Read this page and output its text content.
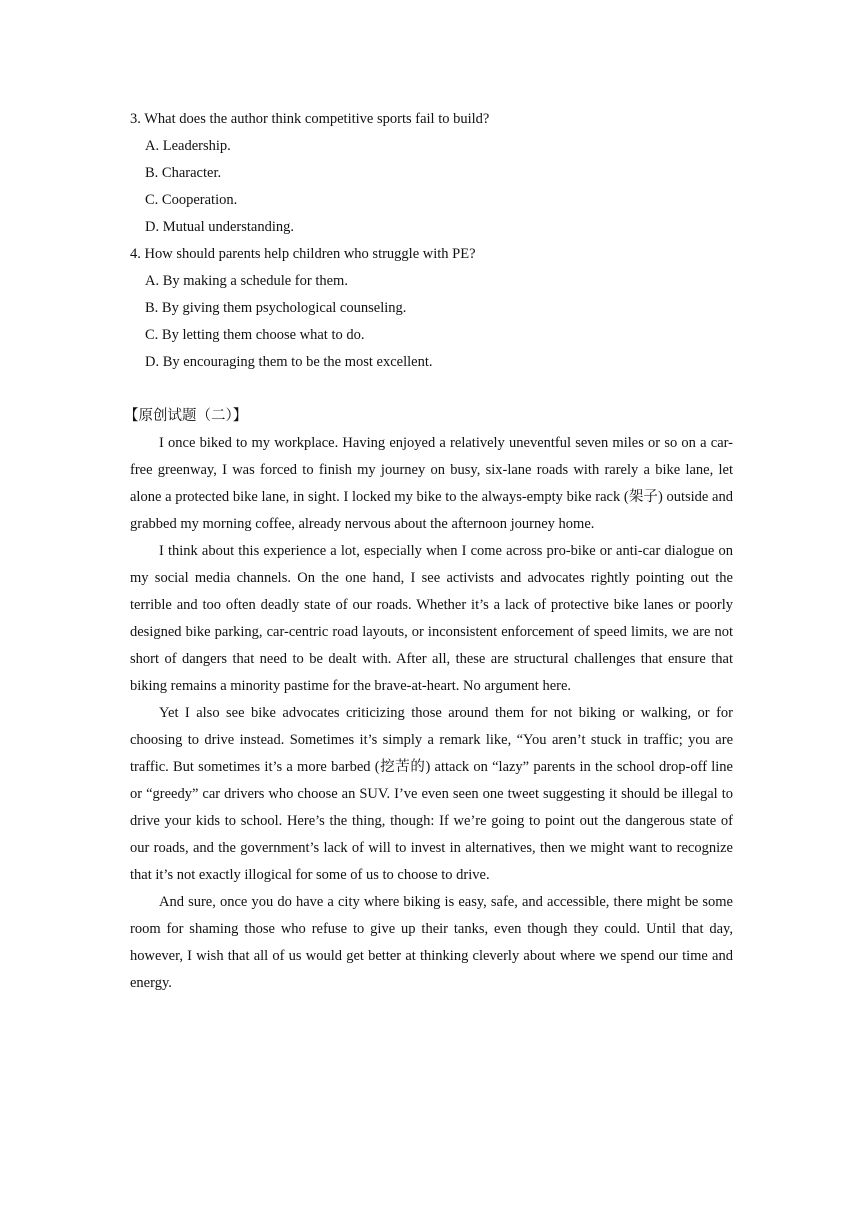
3. What does the author think competitive sports fail to build?

A. Leadership.

B. Character.

C. Cooperation.

D. Mutual understanding.

4. How should parents help children who struggle with PE?

A. By making a schedule for them.

B. By giving them psychological counseling.

C. By letting them choose what to do.

D. By encouraging them to be the most excellent.

【原创试题（二）】

I once biked to my workplace. Having enjoyed a relatively uneventful seven miles or so on a car-free greenway, I was forced to finish my journey on busy, six-lane roads with rarely a bike lane, let alone a protected bike lane, in sight. I locked my bike to the always-empty bike rack (架子) outside and grabbed my morning coffee, already nervous about the afternoon journey home.

I think about this experience a lot, especially when I come across pro-bike or anti-car dialogue on my social media channels. On the one hand, I see activists and advocates rightly pointing out the terrible and too often deadly state of our roads. Whether it’s a lack of protective bike lanes or poorly designed bike parking, car-centric road layouts, or inconsistent enforcement of speed limits, we are not short of dangers that need to be dealt with. After all, these are structural challenges that ensure that biking remains a minority pastime for the brave-at-heart. No argument here.

Yet I also see bike advocates criticizing those around them for not biking or walking, or for choosing to drive instead. Sometimes it’s simply a remark like, “You aren’t stuck in traffic; you are traffic. But sometimes it’s a more barbed (挖苦的) attack on “lazy” parents in the school drop-off line or “greedy” car drivers who choose an SUV. I’ve even seen one tweet suggesting it should be illegal to drive your kids to school. Here’s the thing, though: If we’re going to point out the dangerous state of our roads, and the government’s lack of will to invest in alternatives, then we might want to recognize that it’s not exactly illogical for some of us to choose to drive.

And sure, once you do have a city where biking is easy, safe, and accessible, there might be some room for shaming those who refuse to give up their tanks, even though they could. Until that day, however, I wish that all of us would get better at thinking cleverly about where we spend our time and energy.
